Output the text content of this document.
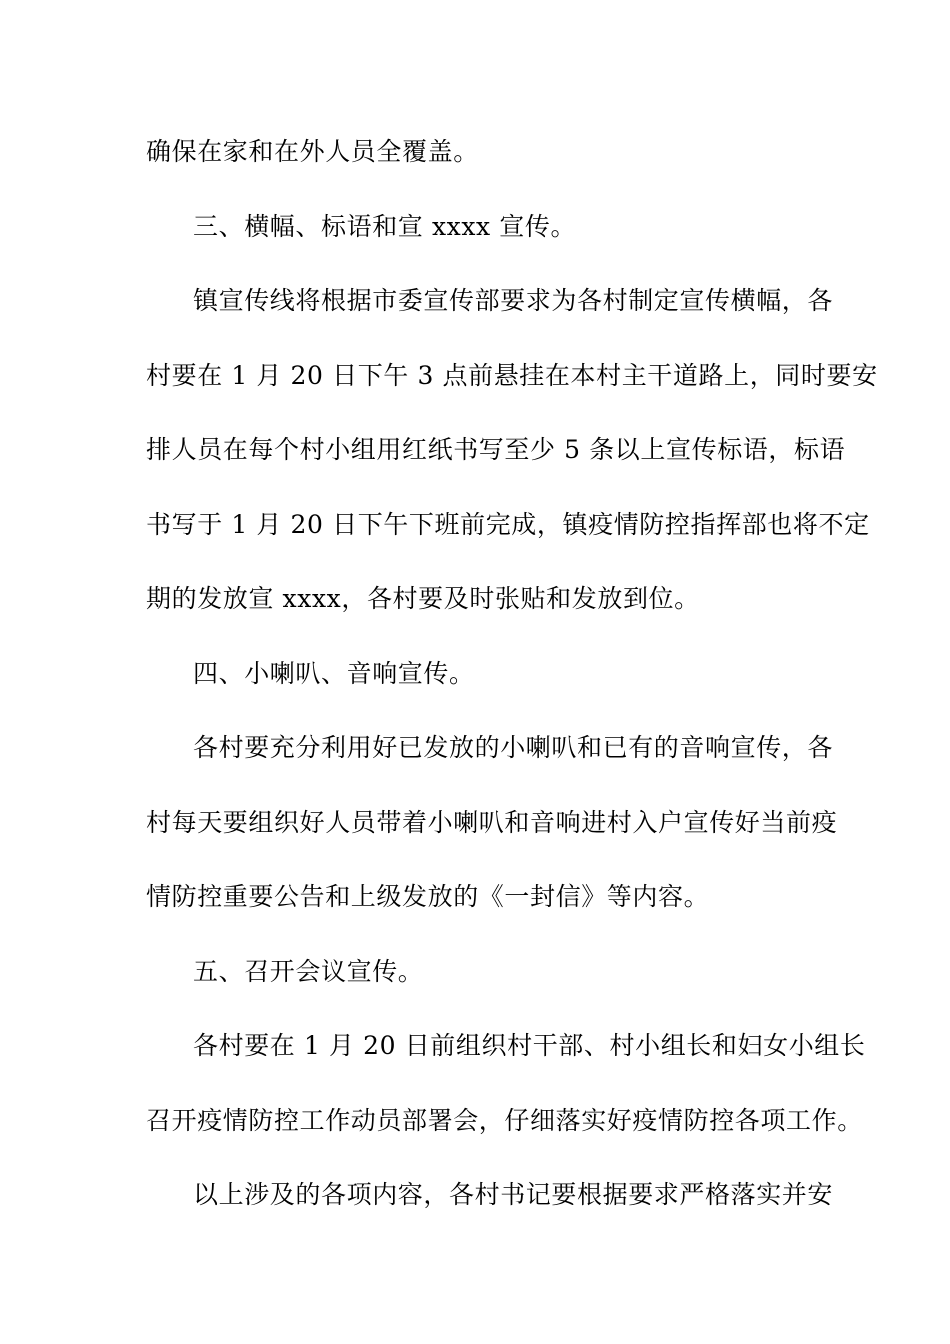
确保在家和在外人员全覆盖。
三、横幅、标语和宣 xxxx 宣传。
镇宣传线将根据市委宣传部要求为各村制定宣传横幅，各
村要在 1 月 20 日下午 3 点前悬挂在本村主干道路上，同时要安
排人员在每个村小组用红纸书写至少 5 条以上宣传标语，标语
书写于 1 月 20 日下午下班前完成，镇疫情防控指挥部也将不定
期的发放宣 xxxx，各村要及时张贴和发放到位。
四、小喇叭、音响宣传。
各村要充分利用好已发放的小喇叭和已有的音响宣传，各
村每天要组织好人员带着小喇叭和音响进村入户宣传好当前疫
情防控重要公告和上级发放的《一封信》等内容。
五、召开会议宣传。
各村要在 1 月 20 日前组织村干部、村小组长和妇女小组长
召开疫情防控工作动员部署会，仔细落实好疫情防控各项工作。
以上涉及的各项内容，各村书记要根据要求严格落实并安
